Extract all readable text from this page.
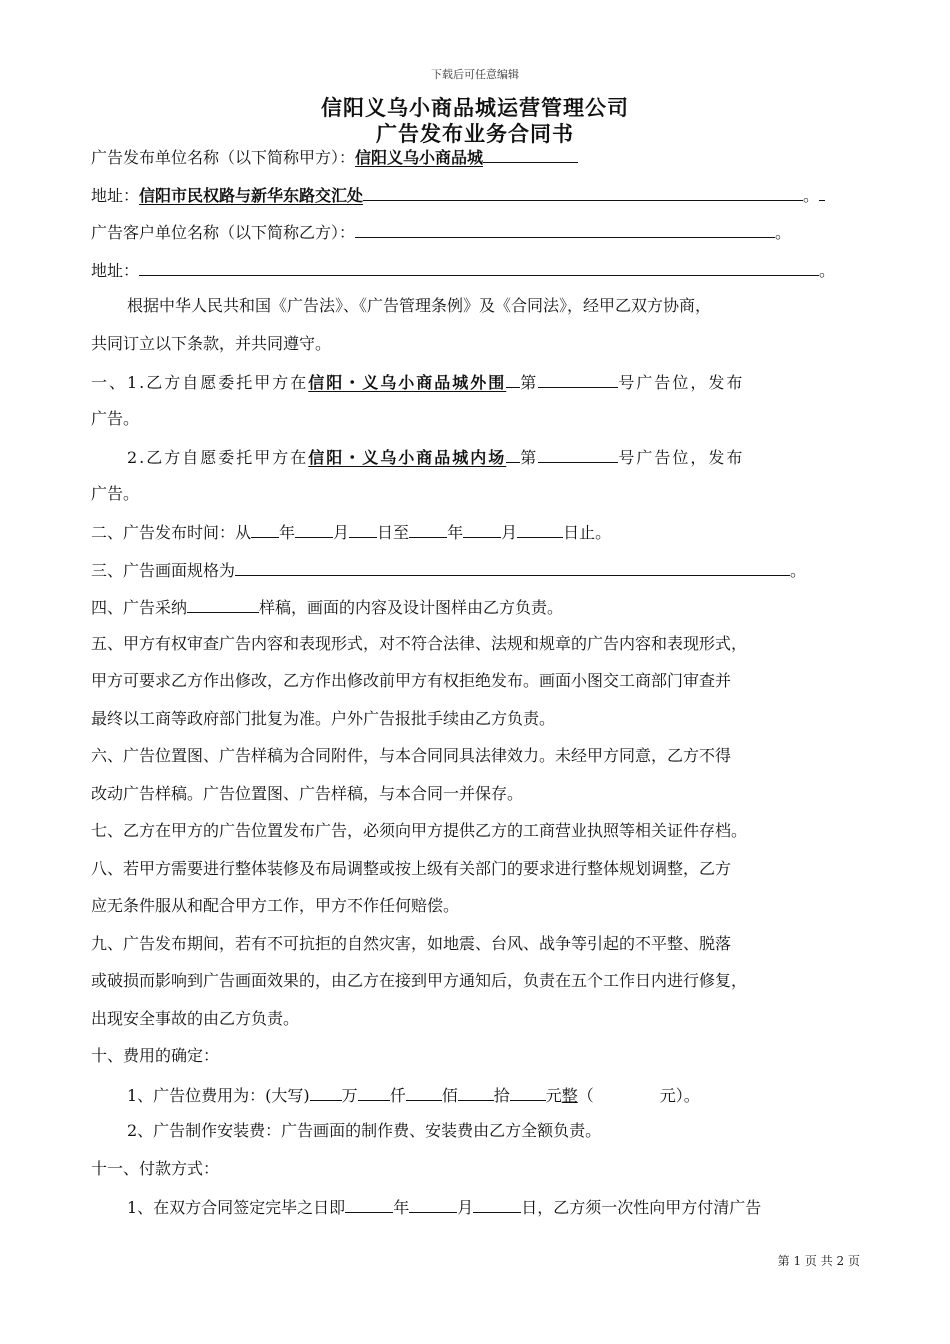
下载后可任意编辑
信阳义乌小商品城运营管理公司
广告发布业务合同书
广告发布单位名称（以下简称甲方）：信阳义乌小商品城
地址：信阳市民权路与新华东路交汇处	。
广告客户单位名称（以下简称乙方）：	。
地址：	。
根据中华人民共和国《广告法》、《广告管理条例》及《合同法》，经甲乙双方协商，
共同订立以下条款，并共同遵守。
一、1.乙方自愿委托甲方在信阳・义乌小商品城外围 第	号广告位，发布
广告。
2.乙方自愿委托甲方在信阳・义乌小商品城内场 第	号广告位，发布
广告。
二、广告发布时间：从 年 月 日至 年 月	日止。
三、广告画面规格为	。
四、广告采纳	样稿，画面的内容及设计图样由乙方负责。
五、甲方有权审查广告内容和表现形式，对不符合法律、法规和规章的广告内容和表现形式，
甲方可要求乙方作出修改，乙方作出修改前甲方有权拒绝发布。画面小图交工商部门审查并
最终以工商等政府部门批复为准。户外广告报批手续由乙方负责。
六、广告位置图、广告样稿为合同附件，与本合同同具法律效力。未经甲方同意，乙方不得
改动广告样稿。广告位置图、广告样稿，与本合同一并保存。
七、乙方在甲方的广告位置发布广告，必须向甲方提供乙方的工商营业执照等相关证件存档。
八、若甲方需要进行整体装修及布局调整或按上级有关部门的要求进行整体规划调整，乙方
应无条件服从和配合甲方工作，甲方不作任何赔偿。
九、广告发布期间，若有不可抗拒的自然灾害，如地震、台风、战争等引起的不平整、脱落
或破损而影响到广告画面效果的，由乙方在接到甲方通知后，负责在五个工作日内进行修复，
出现安全事故的由乙方负责。
十、费用的确定：
1、广告位费用为：(大写) 万 仟 佰 拾 元整（	元）。
2、广告制作安装费：广告画面的制作费、安装费由乙方全额负责。
十一、付款方式：
1、在双方合同签定完毕之日即	年	月	日，乙方须一次性向甲方付清广告
第 1 页 共 2 页
